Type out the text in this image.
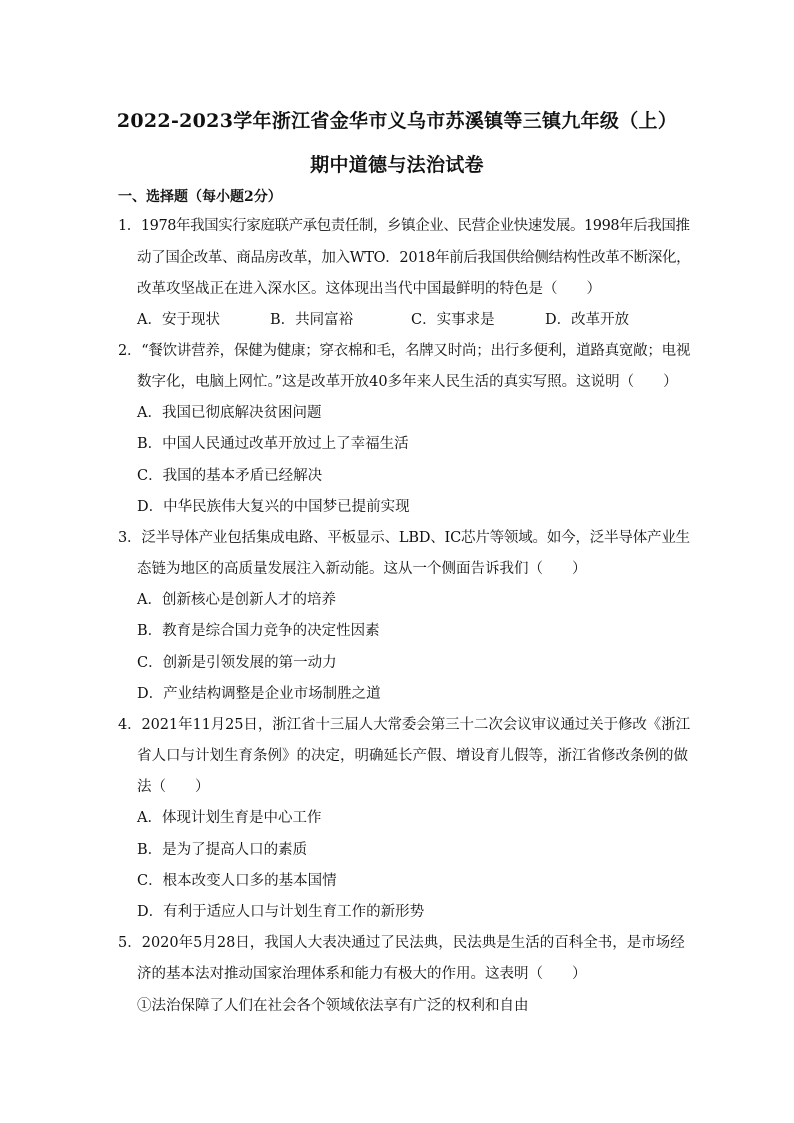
2022-2023学年浙江省金华市义乌市苏溪镇等三镇九年级（上）
期中道德与法治试卷
一、选择题（每小题2分）
1．1978年我国实行家庭联产承包责任制，乡镇企业、民营企业快速发展。1998年后我国推
动了国企改革、商品房改革，加入WTO．2018年前后我国供给侧结构性改革不断深化，
改革攻坚战正在进入深水区。这体现出当代中国最鲜明的特色是（　　）
A．安于现状	B．共同富裕	C．实事求是	D．改革开放
2．“餐饮讲营养，保健为健康；穿衣棉和毛，名牌又时尚；出行多便利，道路真宽敞；电视
数字化，电脑上网忙。”这是改革开放40多年来人民生活的真实写照。这说明（　　）
A．我国已彻底解决贫困问题
B．中国人民通过改革开放过上了幸福生活
C．我国的基本矛盾已经解决
D．中华民族伟大复兴的中国梦已提前实现
3．泛半导体产业包括集成电路、平板显示、LBD、IC芯片等领域。如今，泛半导体产业生
态链为地区的高质量发展注入新动能。这从一个侧面告诉我们（　　）
A．创新核心是创新人才的培养
B．教育是综合国力竞争的决定性因素
C．创新是引领发展的第一动力
D．产业结构调整是企业市场制胜之道
4．2021年11月25日，浙江省十三届人大常委会第三十二次会议审议通过关于修改《浙江
省人口与计划生育条例》的决定，明确延长产假、增设育儿假等，浙江省修改条例的做
法（　　）
A．体现计划生育是中心工作
B．是为了提高人口的素质
C．根本改变人口多的基本国情
D．有利于适应人口与计划生育工作的新形势
5．2020年5月28日，我国人大表决通过了民法典，民法典是生活的百科全书，是市场经
济的基本法对推动国家治理体系和能力有极大的作用。这表明（　　）
①法治保障了人们在社会各个领域依法享有广泛的权利和自由
